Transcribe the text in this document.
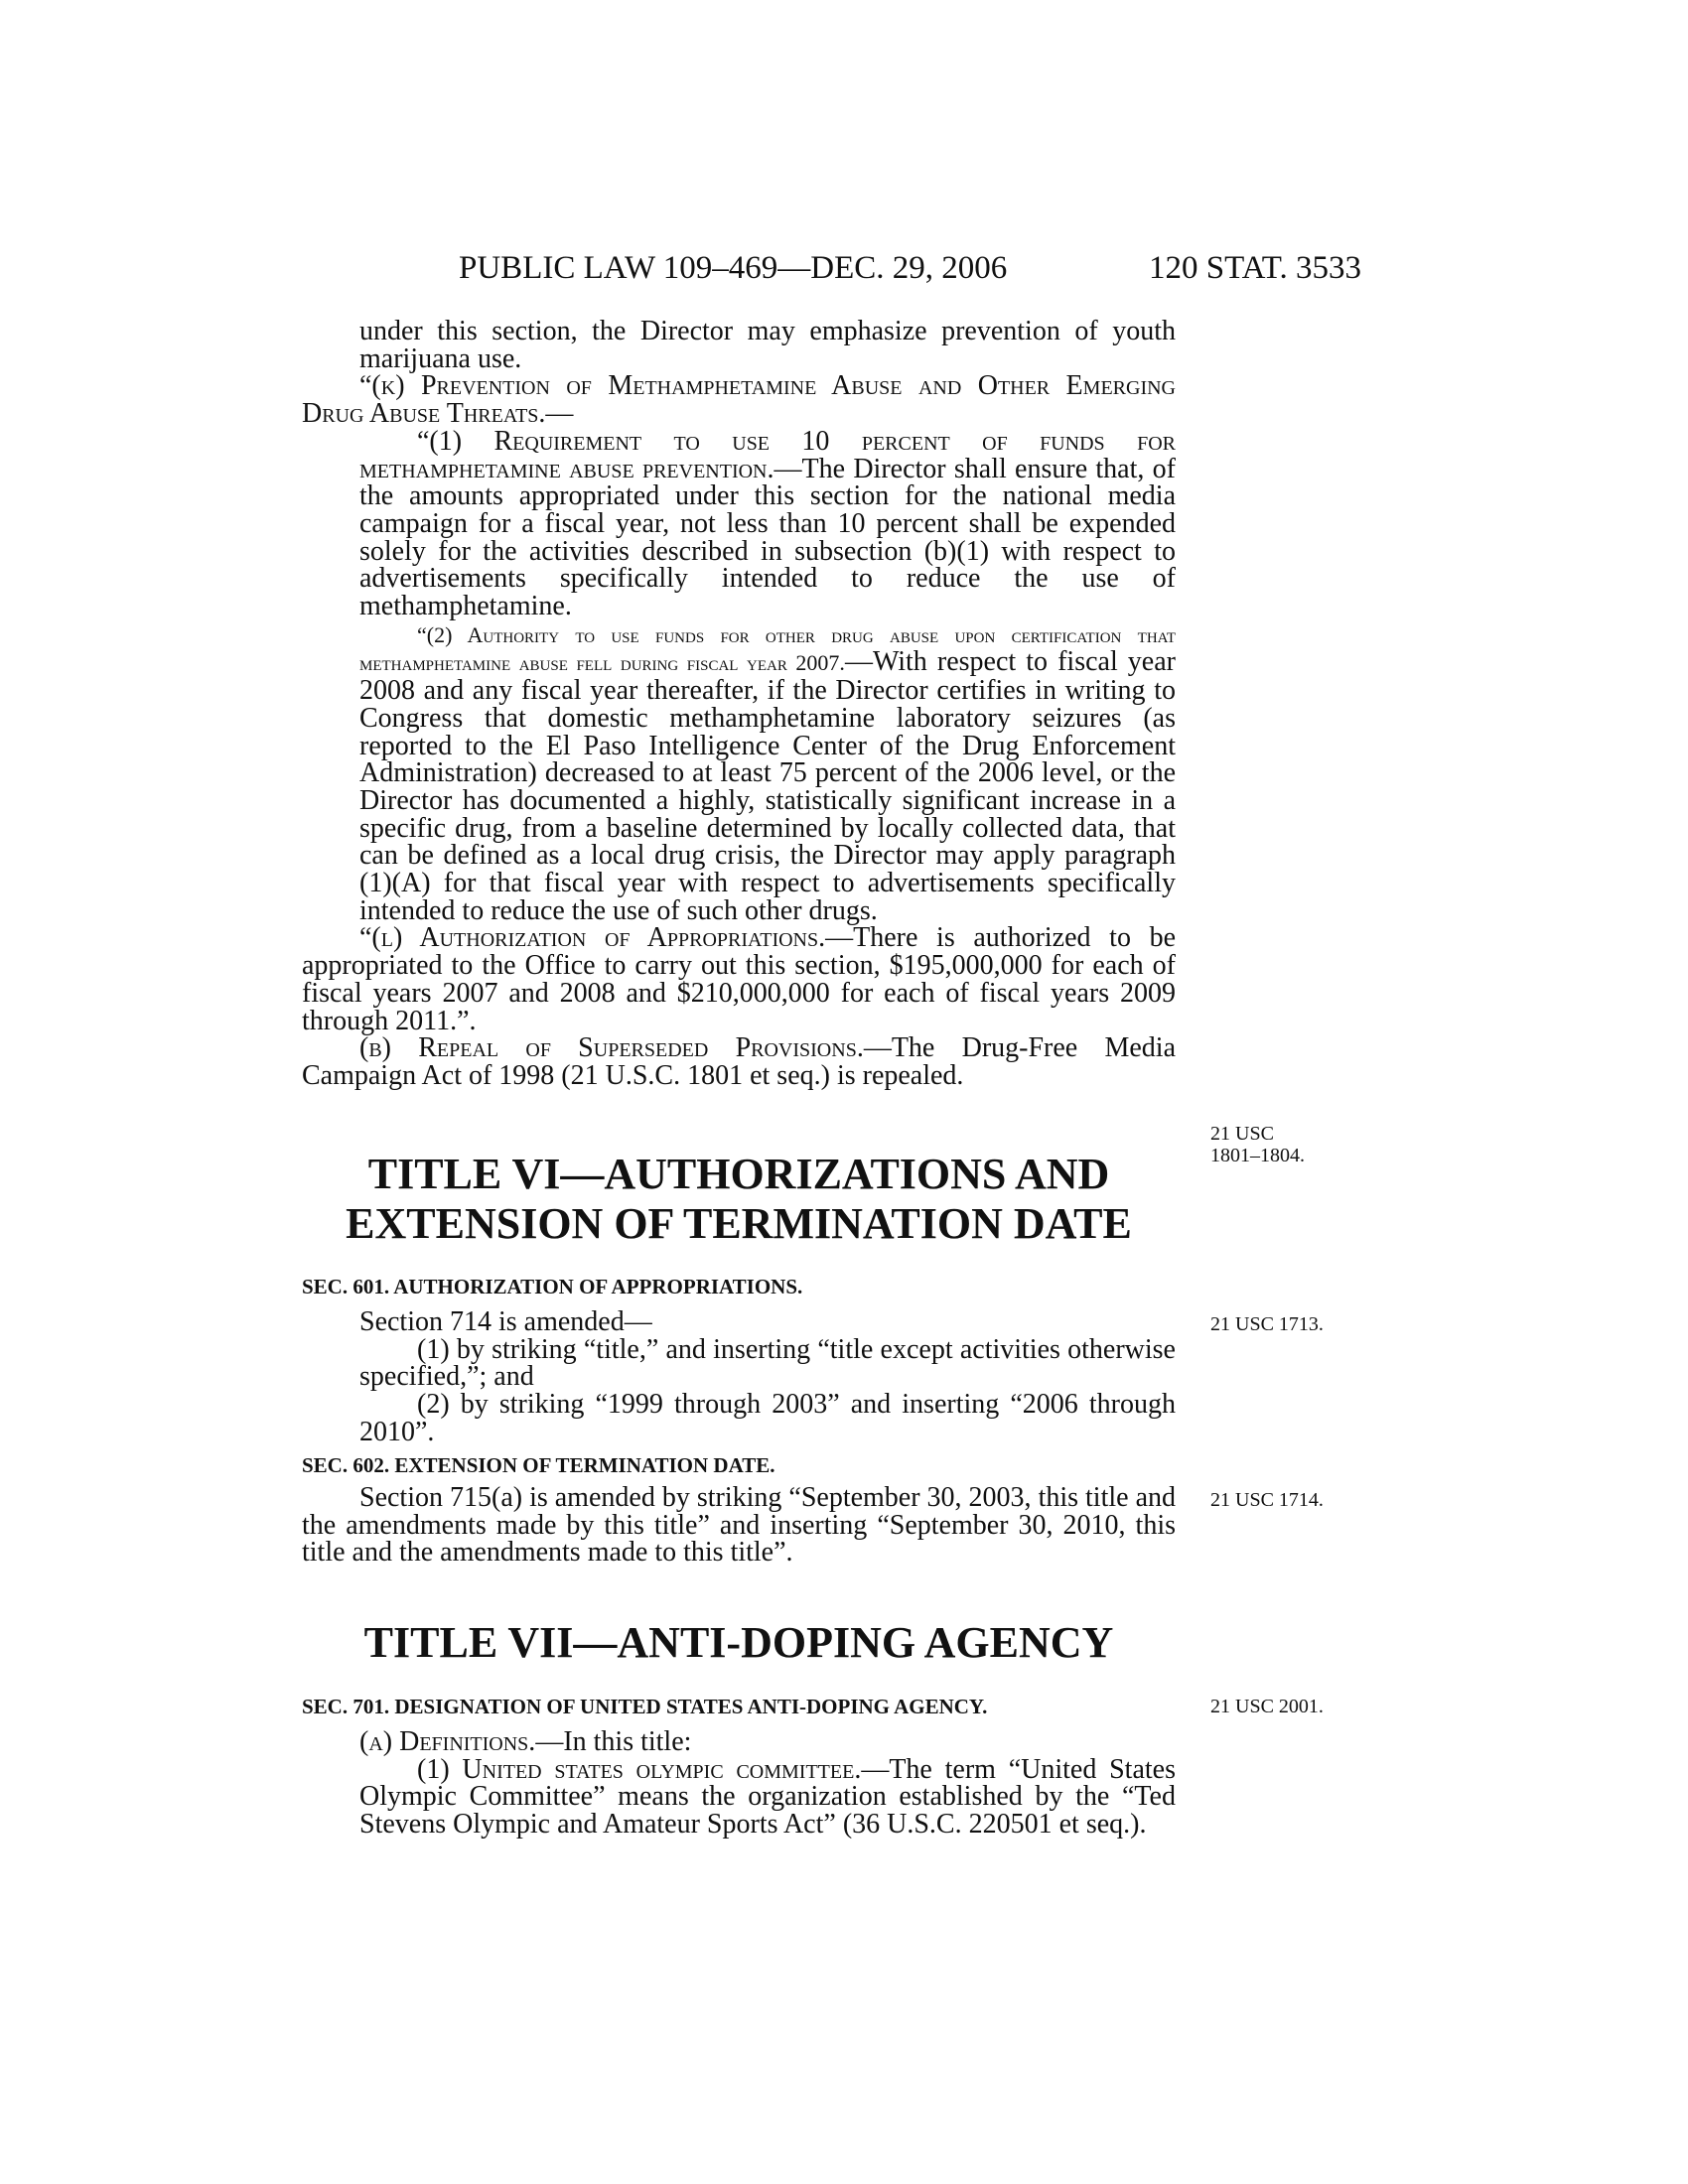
PUBLIC LAW 109–469—DEC. 29, 2006	120 STAT. 3533

under this section, the Director may emphasize prevention of youth marijuana use.

“(k) Prevention of Methamphetamine Abuse and Other Emerging Drug Abuse Threats.—

“(1) Requirement to use 10 percent of funds for methamphetamine abuse prevention.—The Director shall ensure that, of the amounts appropriated under this section for the national media campaign for a fiscal year, not less than 10 percent shall be expended solely for the activities described in subsection (b)(1) with respect to advertisements specifically intended to reduce the use of methamphetamine.

“(2) Authority to use funds for other drug abuse upon certification that methamphetamine abuse fell during fiscal year 2007.—With respect to fiscal year 2008 and any fiscal year thereafter, if the Director certifies in writing to Congress that domestic methamphetamine laboratory seizures (as reported to the El Paso Intelligence Center of the Drug Enforcement Administration) decreased to at least 75 percent of the 2006 level, or the Director has documented a highly, statistically significant increase in a specific drug, from a baseline determined by locally collected data, that can be defined as a local drug crisis, the Director may apply paragraph (1)(A) for that fiscal year with respect to advertisements specifically intended to reduce the use of such other drugs.

“(l) Authorization of Appropriations.—There is authorized to be appropriated to the Office to carry out this section, $195,000,000 for each of fiscal years 2007 and 2008 and $210,000,000 for each of fiscal years 2009 through 2011.”.

(b) Repeal of Superseded Provisions.—The Drug-Free Media Campaign Act of 1998 (21 U.S.C. 1801 et seq.) is repealed.

21 USC
1801–1804.
TITLE VI—AUTHORIZATIONS AND
EXTENSION OF TERMINATION DATE
SEC. 601. AUTHORIZATION OF APPROPRIATIONS.

Section 714 is amended—

(1) by striking “title,” and inserting “title except activities otherwise specified,”; and

(2) by striking “1999 through 2003” and inserting “2006 through 2010”.

21 USC 1713.
SEC. 602. EXTENSION OF TERMINATION DATE.

Section 715(a) is amended by striking “September 30, 2003, this title and the amendments made by this title” and inserting “September 30, 2010, this title and the amendments made to this title”.

21 USC 1714.
TITLE VII—ANTI-DOPING AGENCY
SEC. 701. DESIGNATION OF UNITED STATES ANTI-DOPING AGENCY.	21 USC 2001.

(a) Definitions.—In this title:

(1) United states olympic committee.—The term “United States Olympic Committee” means the organization established by the “Ted Stevens Olympic and Amateur Sports Act” (36 U.S.C. 220501 et seq.).
